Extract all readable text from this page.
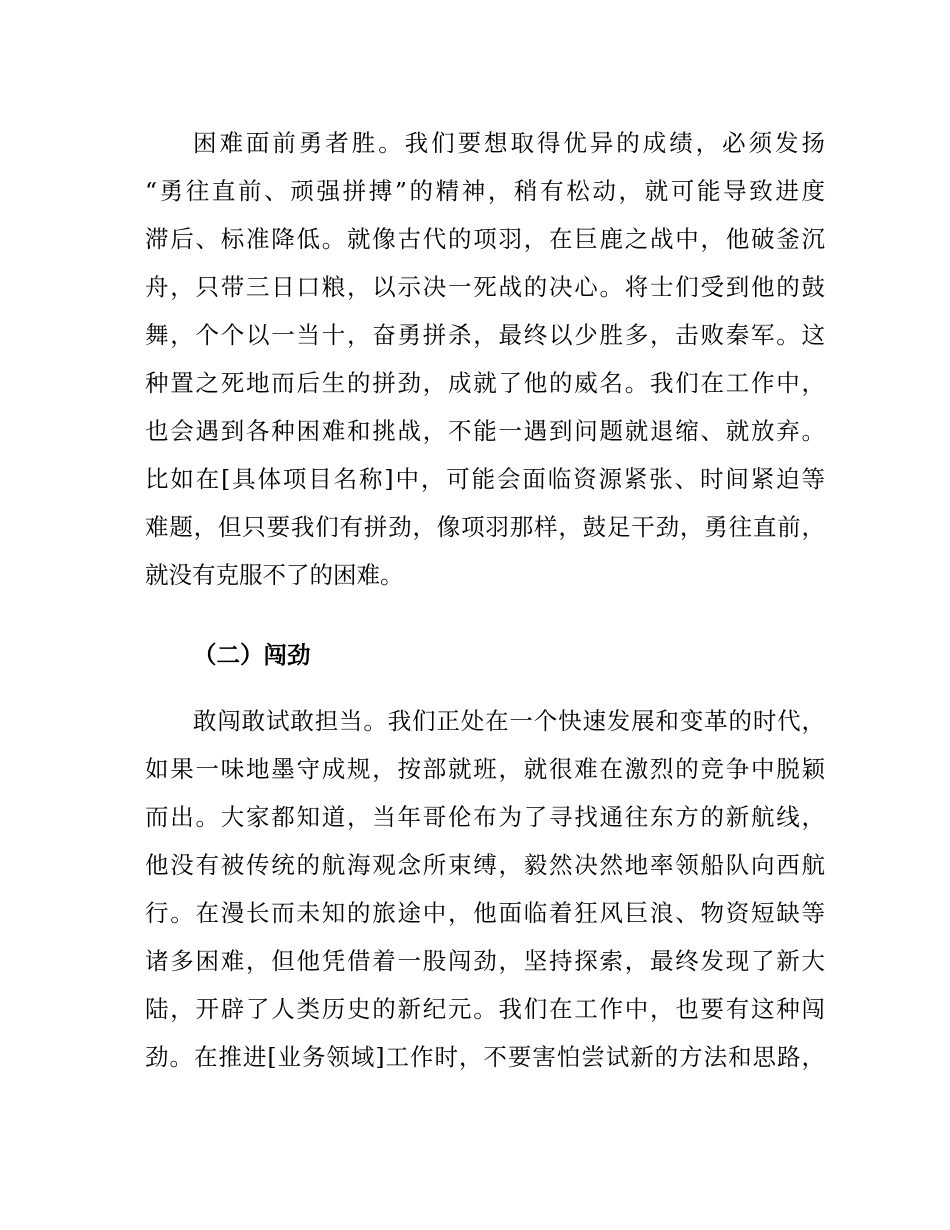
困难面前勇者胜。我们要想取得优异的成绩，必须发扬
“勇往直前、顽强拼搏”的精神，稍有松动，就可能导致进度
滞后、标准降低。就像古代的项羽，在巨鹿之战中，他破釜沉
舟，只带三日口粮，以示决一死战的决心。将士们受到他的鼓
舞，个个以一当十，奋勇拼杀，最终以少胜多，击败秦军。这
种置之死地而后生的拼劲，成就了他的威名。我们在工作中，
也会遇到各种困难和挑战，不能一遇到问题就退缩、就放弃。
比如在[具体项目名称]中，可能会面临资源紧张、时间紧迫等
难题，但只要我们有拼劲，像项羽那样，鼓足干劲，勇往直前，
就没有克服不了的困难。
（二）闯劲
敢闯敢试敢担当。我们正处在一个快速发展和变革的时代，
如果一味地墨守成规，按部就班，就很难在激烈的竞争中脱颖
而出。大家都知道，当年哥伦布为了寻找通往东方的新航线，
他没有被传统的航海观念所束缚，毅然决然地率领船队向西航
行。在漫长而未知的旅途中，他面临着狂风巨浪、物资短缺等
诸多困难，但他凭借着一股闯劲，坚持探索，最终发现了新大
陆，开辟了人类历史的新纪元。我们在工作中，也要有这种闯
劲。在推进[业务领域]工作时，不要害怕尝试新的方法和思路，
